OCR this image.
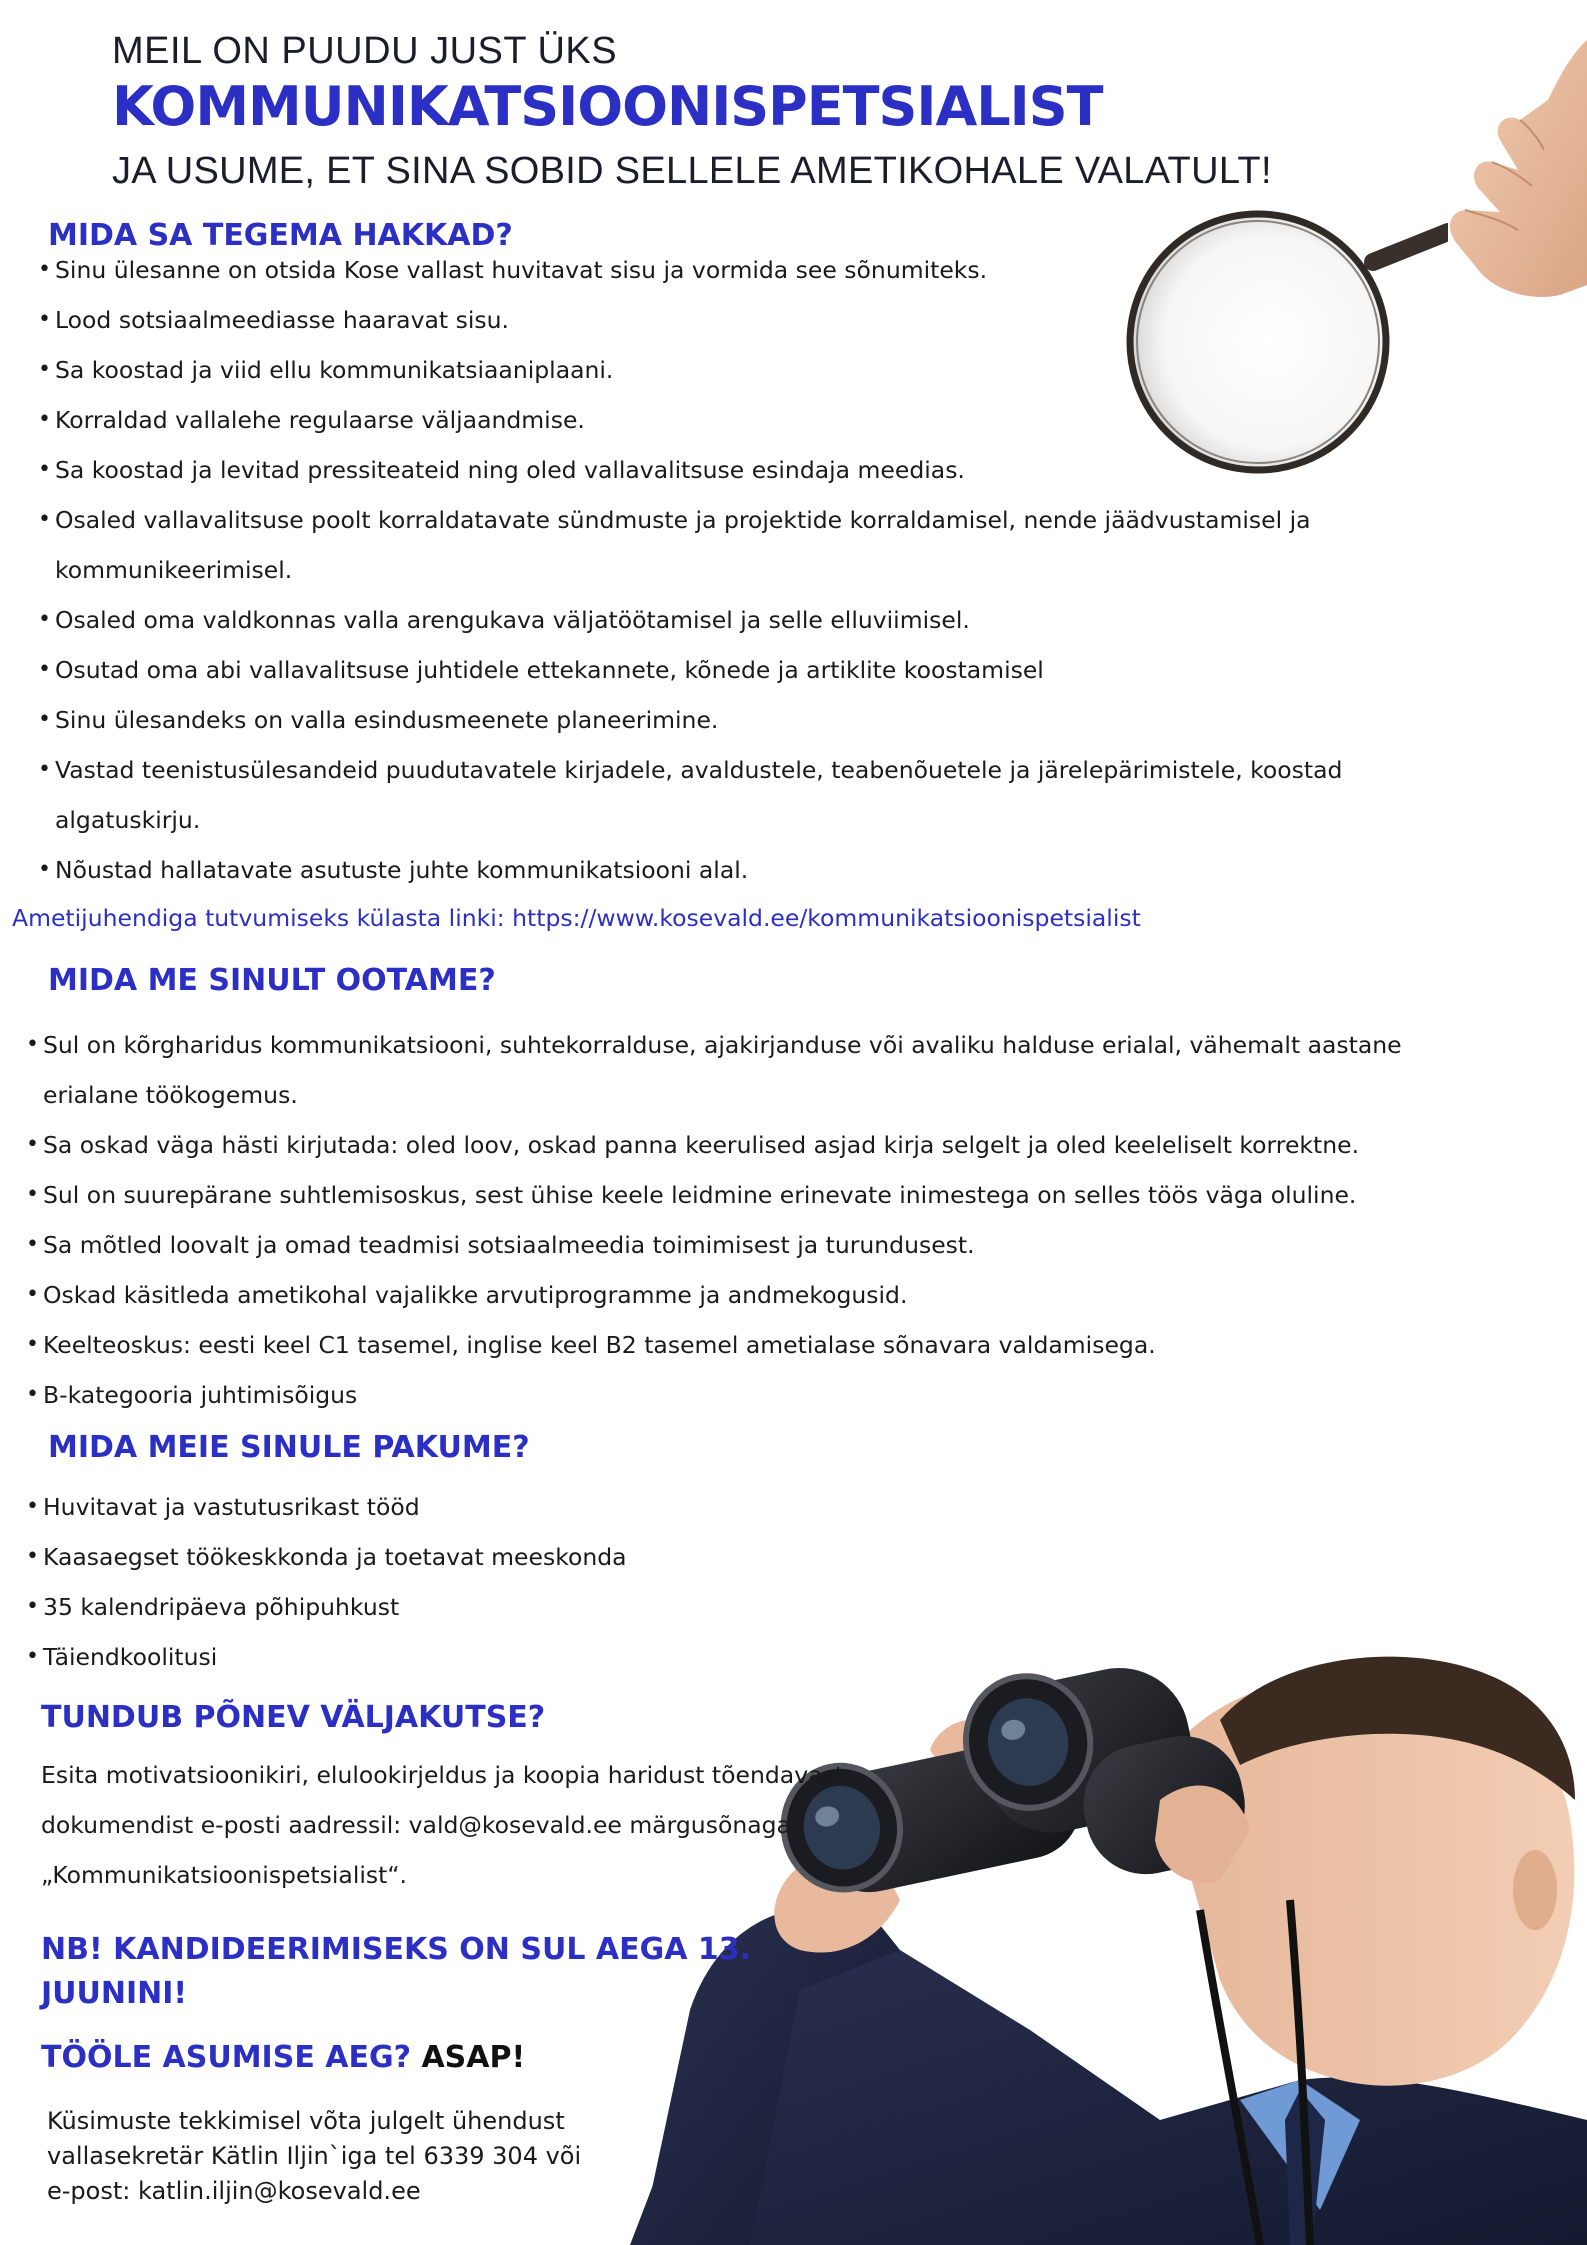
MEIL ON PUUDU JUST ÜKS
KOMMUNIKATSIOONISPETSIALIST
JA USUME, ET SINA SOBID SELLELE AMETIKOHALE VALATULT!
MIDA SA TEGEMA HAKKAD?
• Sinu ülesanne on otsida Kose vallast huvitavat sisu ja vormida see sõnumiteks.
• Lood sotsiaalmeediasse haaravat sisu.
• Sa koostad ja viid ellu kommunikatsiaaniplaani.
• Korraldad vallalehe regulaarse väljaandmise.
• Sa koostad ja levitad pressiteateid ning oled vallavalitsuse esindaja meedias.
• Osaled vallavalitsuse poolt korraldatavate sündmuste ja projektide korraldamisel, nende jäädvustamisel ja
kommunikeerimisel.
• Osaled oma valdkonnas valla arengukava väljatöötamisel ja selle elluviimisel.
• Osutad oma abi vallavalitsuse juhtidele ettekannete, kõnede ja artiklite koostamisel
• Sinu ülesandeks on valla esindusmeenete planeerimine.
• Vastad teenistusülesandeid puudutavatele kirjadele, avaldustele, teabenõuetele ja järelepärimistele, koostad
algatuskirju.
• Nõustad hallatavate asutuste juhte kommunikatsiooni alal.
Ametijuhendiga tutvumiseks külasta linki: https://www.kosevald.ee/kommunikatsioonispetsialist
MIDA ME SINULT OOTAME?
• Sul on kõrgharidus kommunikatsiooni, suhtekorralduse, ajakirjanduse või avaliku halduse erialal, vähemalt aastane
erialane töökogemus.
• Sa oskad väga hästi kirjutada: oled loov, oskad panna keerulised asjad kirja selgelt ja oled keeleliselt korrektne.
• Sul on suurepärane suhtlemisoskus, sest ühise keele leidmine erinevate inimestega on selles töös väga oluline.
• Sa mõtled loovalt ja omad teadmisi sotsiaalmeedia toimimisest ja turundusest.
• Oskad käsitleda ametikohal vajalikke arvutiprogramme ja andmekogusid.
• Keelteoskus: eesti keel C1 tasemel, inglise keel B2 tasemel ametialase sõnavara valdamisega.
• B-kategooria juhtimisõigus
MIDA MEIE SINULE PAKUME?
• Huvitavat ja vastutusrikast tööd
• Kaasaegset töökeskkonda ja toetavat meeskonda
• 35 kalendripäeva põhipuhkust
• Täiendkoolitusi
TUNDUB PÕNEV VÄLJAKUTSE?
Esita motivatsioonikiri, elulookirjeldus ja koopia haridust tõendavast
dokumendist e-posti aadressil: vald@kosevald.ee märgusõnaga
„Kommunikatsioonispetsialist“.
NB! KANDIDEERIMISEKS ON SUL AEGA 13. JUUNINI!
TÖÖLE ASUMISE AEG? ASAP!
Küsimuste tekkimisel võta julgelt ühendust
vallasekretär Kätlin Iljin`iga tel 6339 304 või
e-post: katlin.iljin@kosevald.ee
